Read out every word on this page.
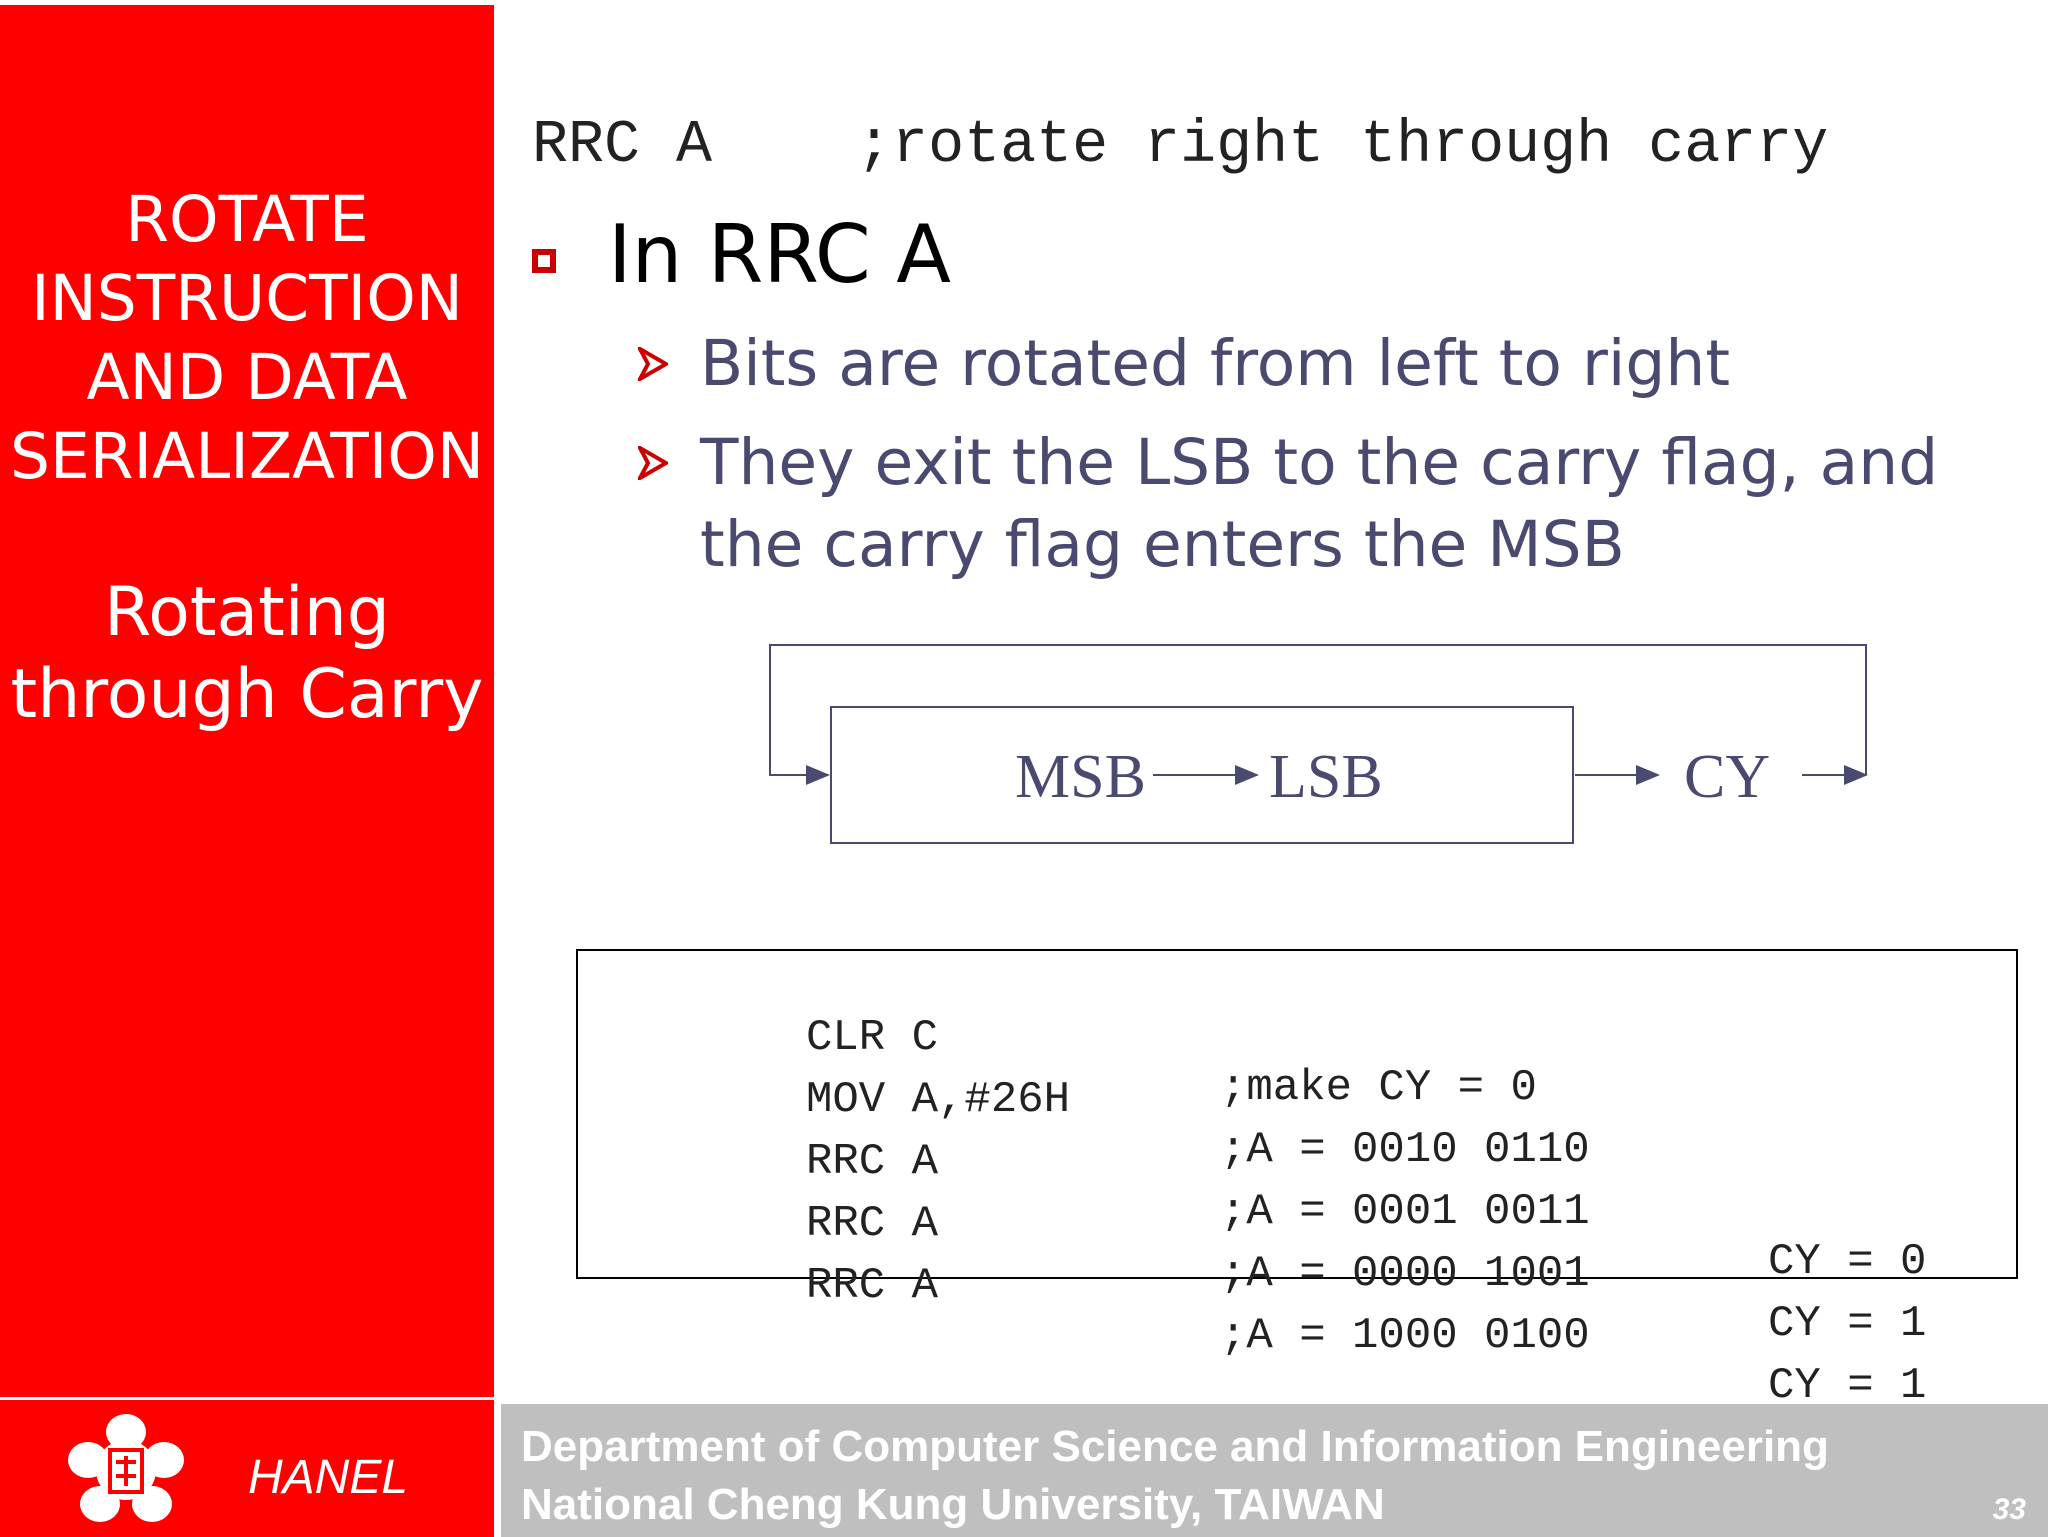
ROTATE
INSTRUCTION
AND DATA
SERIALIZATION
Rotating
through Carry
HANEL
Department of Computer Science and Information Engineering
National Cheng Kung University, TAIWAN	33
RRC A    ;rotate right through carry
In RRC A
Bits are rotated from left to right
They exit the LSB to the carry flag, and
the carry flag enters the MSB
MSB LSB	CY

CLR C

;make CY = 0

MOV A,#26H

;A = 0010 0110

RRC A

;A = 0001 0011

CY = 0

RRC A

;A = 0000 1001

CY = 1

RRC A

;A = 1000 0100

CY = 1
